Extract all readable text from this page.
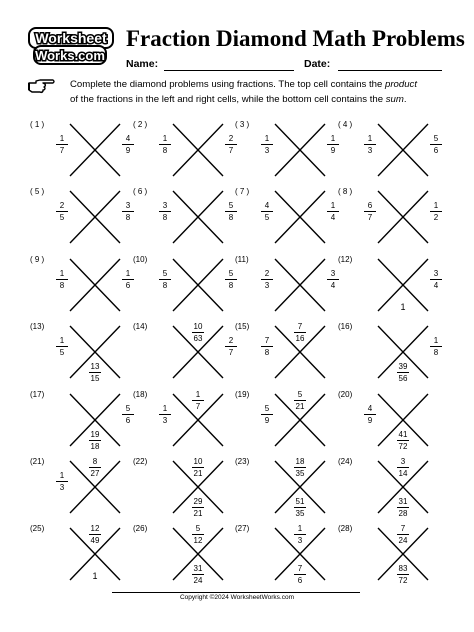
Worksheet
Works.com
Fraction Diamond Math Problems
Name:	Date:
Complete the diamond problems using fractions. The top cell contains the product
of the fractions in the left and right cells, while the bottom cell contains the sum.
( 1 )
1
7
4
9
( 2 )
1
8
2
7
( 3 )
1
3
1
9
( 4 )
1
3
5
6
( 5 )
2
5
3
8
( 6 )
3
8
5
8
( 7 )
4
5
1
4
( 8 )
6
7
1
2
( 9 )
1
8
1
6
(10)
5
8
5
8
(11)
2
3
3
4
(12)
3
4
1
(13)
1
5
13
15
(14)	10
63	2
7
(15)	7
16
7
8
(16)
1
8
39
56
(17)
5
6
19
18
(18)	1
7
1
3
(19)	5
21
5
9
(20)
4
9
41
72
(21)	8
27
1
3
(22)	10
21
29
21
(23)	18
35
51
35
(24)	3
14
31
28
(25)	12
49
1
(26)	5
12
31
24
(27)	1
3
7
6
(28)	7
24
83
72
Copyright ©2024 WorksheetWorks.com
